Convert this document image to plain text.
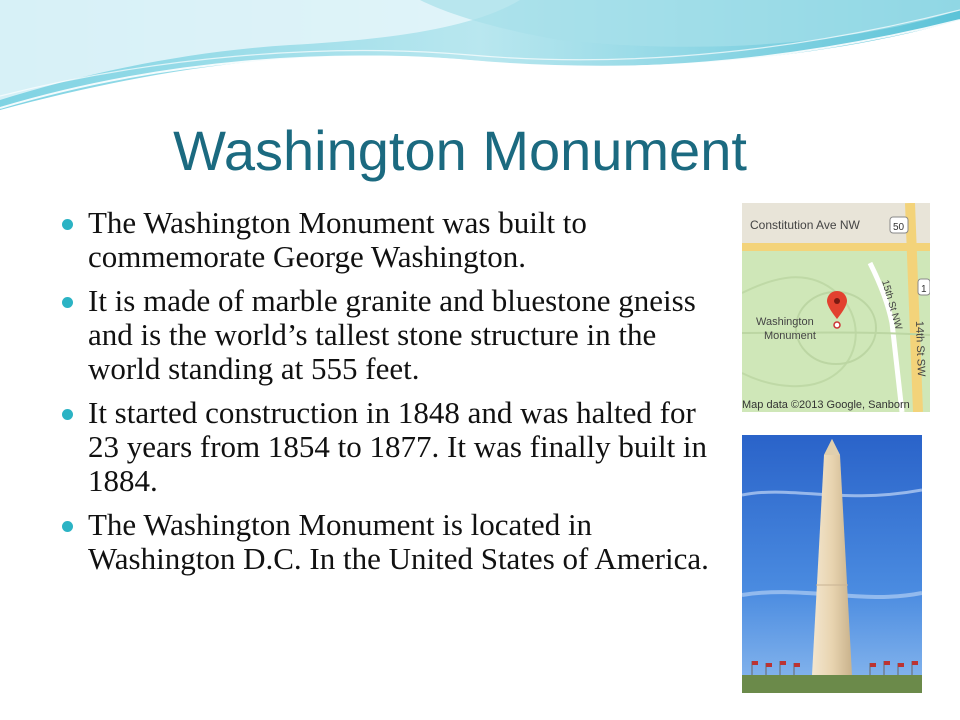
Washington Monument
The Washington Monument was built to commemorate George Washington.
It is made of marble granite and bluestone gneiss and is the world’s tallest stone structure in the world standing at 555 feet.
It started construction in 1848 and was halted for 23 years from 1854 to 1877. It was finally built in 1884.
The Washington Monument is located in Washington D.C. In the United States of America.
Constitution Ave NW	50
1
15th St NW
14th St SW
Washington
Monument
Map data ©2013 Google, Sanborn
